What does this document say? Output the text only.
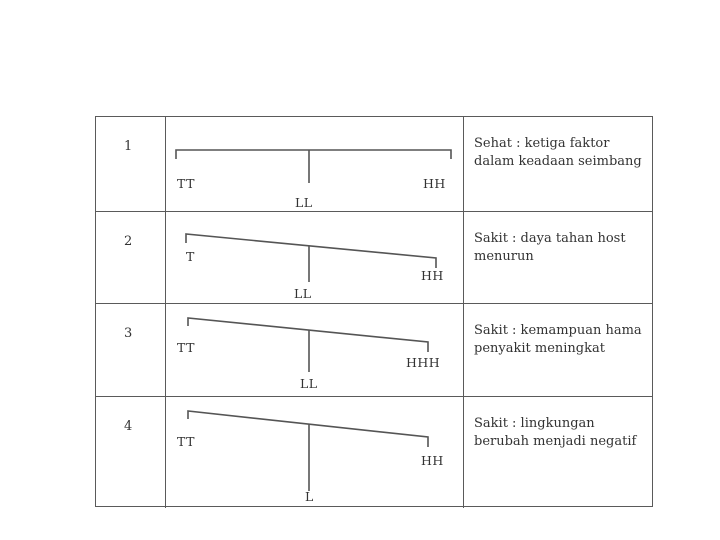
1
TT
LL
HH
Sehat : ketiga faktor dalam keadaan seimbang
2
T
LL
HH
Sakit : daya tahan host menurun
3
TT
LL
HHH
Sakit : kemampuan hama penyakit meningkat
4
TT
L
HH
Sakit : lingkungan berubah menjadi negatif
